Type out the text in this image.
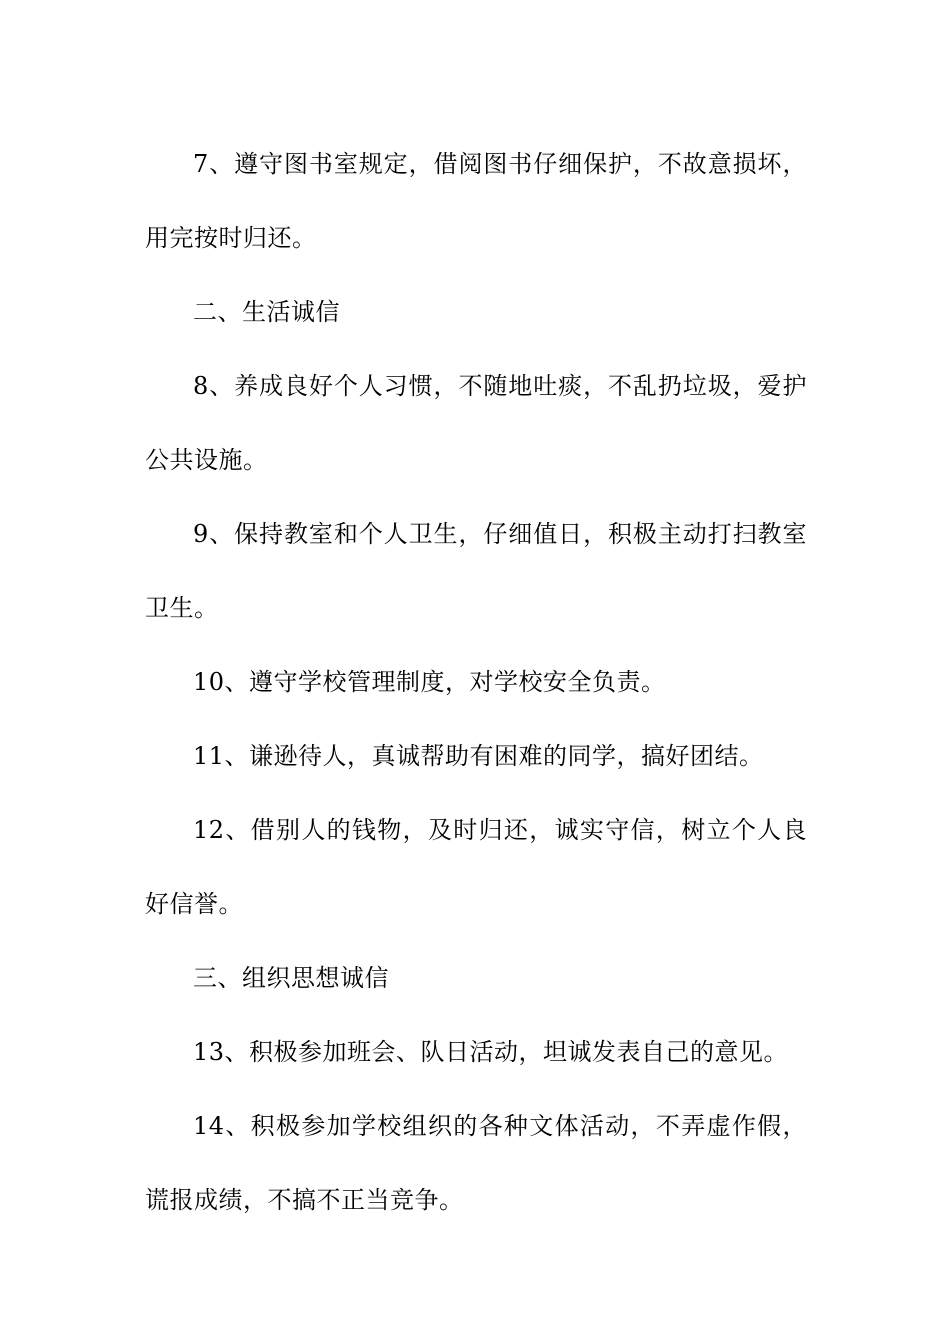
7、遵守图书室规定，借阅图书仔细保护，不故意损坏，用完按时归还。

二、生活诚信

8、养成良好个人习惯，不随地吐痰，不乱扔垃圾，爱护公共设施。

9、保持教室和个人卫生，仔细值日，积极主动打扫教室卫生。

10、遵守学校管理制度，对学校安全负责。

11、谦逊待人，真诚帮助有困难的同学，搞好团结。

12、借别人的钱物，及时归还，诚实守信，树立个人良好信誉。

三、组织思想诚信

13、积极参加班会、队日活动，坦诚发表自己的意见。

14、积极参加学校组织的各种文体活动，不弄虚作假，谎报成绩，不搞不正当竞争。
